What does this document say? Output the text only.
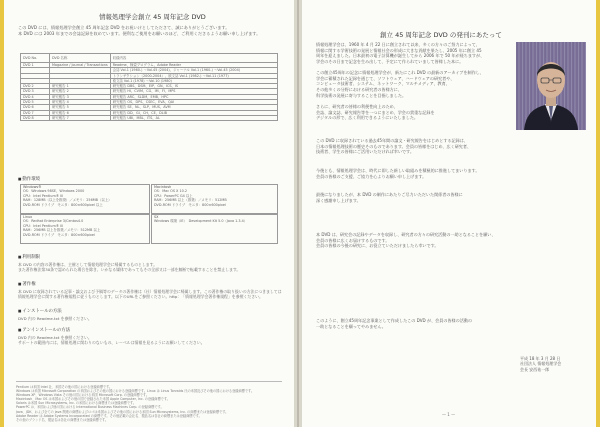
情報処理学会創立 45 周年記念 DVD
この DVD には、情報処理学会創立 45 周年記念 DVD をお祝いけとしてたださて、誠にありがとうございます。
本 DVD には 2003 年までの会誌記録を収めています。便利なご使用をお願いのほど、ご利用くださるようお願い申し上げます。
DVD No.	DVD 名称	収録内容
DVD 1	Magazine / Journal / Transactions	Readme、検索プログラム、Adobe Reader
		会誌 Vol.1 (1960-) 〜Vol.45 (2004)、ジャーナル Vol.1 (1960-) 〜Vol.45 (2004)
		トランザクション（2000-2004）、欧文誌 Vol.1 (1982-) 〜Vol.11 (1977)
		欧文誌 Vol.1 (1978) 〜Vol.10 (1980)
DVD 2	研究報告 1	研究報告 DBS、DSM、EIP、GN、ICS、IS
DVD 3	研究報告 2	研究報告 HI、CVIM、CG、IM、FI、MPS
DVD 4	研究報告 3	研究報告 ARC、SLDM、EMB、HPC
DVD 5	研究報告 4	研究報告 OS、DPS、CSEC、EVA、QAI
DVD 6	研究報告 5	研究報告 SE、NL、SLP、MUS、AVM
DVD 7	研究報告 6	研究報告 DD、GI、CH、CE、DLIB
DVD 8	研究報告 7	研究報告 UBI、MBL、ITS、AL
■ 動作環境
Windows®
OS：Windows 98SE、Windows 2000
CPU：Intel Pentium® III
RAM：128MB（以上を推奨）／メモリ：256MB（以上）
DVD-ROM ドライブ　モニタ：800×600pixel 以上
Macintosh
OS：Mac OS X 10.2
CPU：PowerPC G4 以上
RAM：256MB 以上（推奨）／メモリ：512MB
DVD-ROM ドライブ　モニタ：800×600pixel
Linux
OS：Redhat Enterprise 3/Centos4.0
CPU：Intel Pentium® III
RAM：256MB 以上を推奨／メモリ：512MB 以上
DVD-ROM ドライブ　モニタ：800×600pixel
SX
Windows 環境（IE）　Development Kit 5.0（Java 1.3.4）
■ 利用制限
本 DVD の内容の著作権は、主催として情報処理学会に帰属するものとします。
また著作権法第30条で認められた場合を除き、いかなる媒体であってもその全部又は一部を無断で転載することを禁止します。
■ 著作権
本 DVD に収録されている記事・論文および予稿等のデータの著作権は（社）情報処理学会に帰属します。この著作権の取り扱いの方法につきましては
情報処理学会に関する著作権規程に従うものとします。以下のURLをご参照ください。http：「情報処理学会著作権規程」を参照ください。
■ インストールの方法
DVD 内の Readme.txt を参照ください。
■ アンインストールの方法
DVD 内の Readme.txt を参照ください。
サポートの範囲内には、情報処理に関わりのないもの、レーベルは情報を見るようにお願いしてください。
Pentium は米国 Intel 社、米国その他の国における登録商標です。
Windows は米国 Microsoft Corporation の米国およびその他の国における登録商標です。Linux は Linus Torvalds 氏の米国及びその他の国における登録商標です。
Windows XP、Windows Vista その他の国における米国 Microsoft Corp. の登録商標です。
Macintosh、Mac OS は米国およびその他の国で登録された米国 Apple Computer, Inc. の登録商標です。
Solaris は米国 Sun Microsystems, Inc. の米国における商標または登録商標です。
PowerPC は、米国および他の国における International Business Machines Corp. の登録商標です。
Java、JDK、および全ての Java 関連の商標およびロゴは米国およびその他の国における米国 Sun Microsystems, Inc. の商標または登録商標です。
Adobe Reader は Adobe Systems Incorporated の商標です。その他記載の会社名、製品名は各社の商標または登録商標です。
その他のブランド名、製品名は各社の商標または登録商標です。
創立 45 周年記念 DVD の発刊にあたって
情報処理学会は、1960 年 4 月 22 日に創立されて以来、多くの方々のご努力によって、
情報に関する学術技術の発展と情報社会の形成に大きな貢献を果たし、2005 年に創立 45
周年を迎えました。日本最初の電子計算機が誕生してから 2006 年で 50 年が経ちますが、
学会のその日まで記念を生み出して、予定にて作られていまして皆様した本に。
この創立45周年の記念に情報処理学会が、新たにこれ DVD の最新のアーカイブを制作し、
学会に蓄積された記録を通じて、ソフトウェア、ハードウェアの研究者や、
コンピュータ技術者、システム、ネットワーク、マルチメディア、教育、
その他多くの分野における研究者の皆様方に、
科学技術の発展に寄与することを目指しました。
さらに、研究者の皆様の利便性向上のため、
会誌、論文誌、研究報告等を一つにまとめ、学会の貴重な記録を
デジタルの形で、広く利用できるようにいたしました。
この DVD に収録されている過去45年間の論文・研究報告をはじめとする記録は、
日本の情報処理技術の歴史そのものであります。会員の皆様をはじめ、広く研究者、
技術者、学生の皆様にご活用いただければ幸いです。
今後とも、情報処理学会は、時代に即した新しい取組みを積極的に推進してまいります。
会員の皆様のご支援、ご協力を心よりお願い申し上げます。
最後になりましたが、本 DVD の制作にあたりご尽力いただいた関係者の皆様に
深く感謝申し上げます。
本 DVD は、研究会の記録やデータを収録し、研究者の方々の研究活動の一助となることを願い、
会員の皆様に広くお届けするものです。
会員の皆様の今後の研究に、お役立ていただけましたら幸いです。
このように、創立45周年記念事業として作成したこの DVD が、会員の皆様の活動の
一助となることを願ってやみません。
平成 18 年 3 月 28 日
社団法人 情報処理学会
会長 安西祐一郎
— 1 —
